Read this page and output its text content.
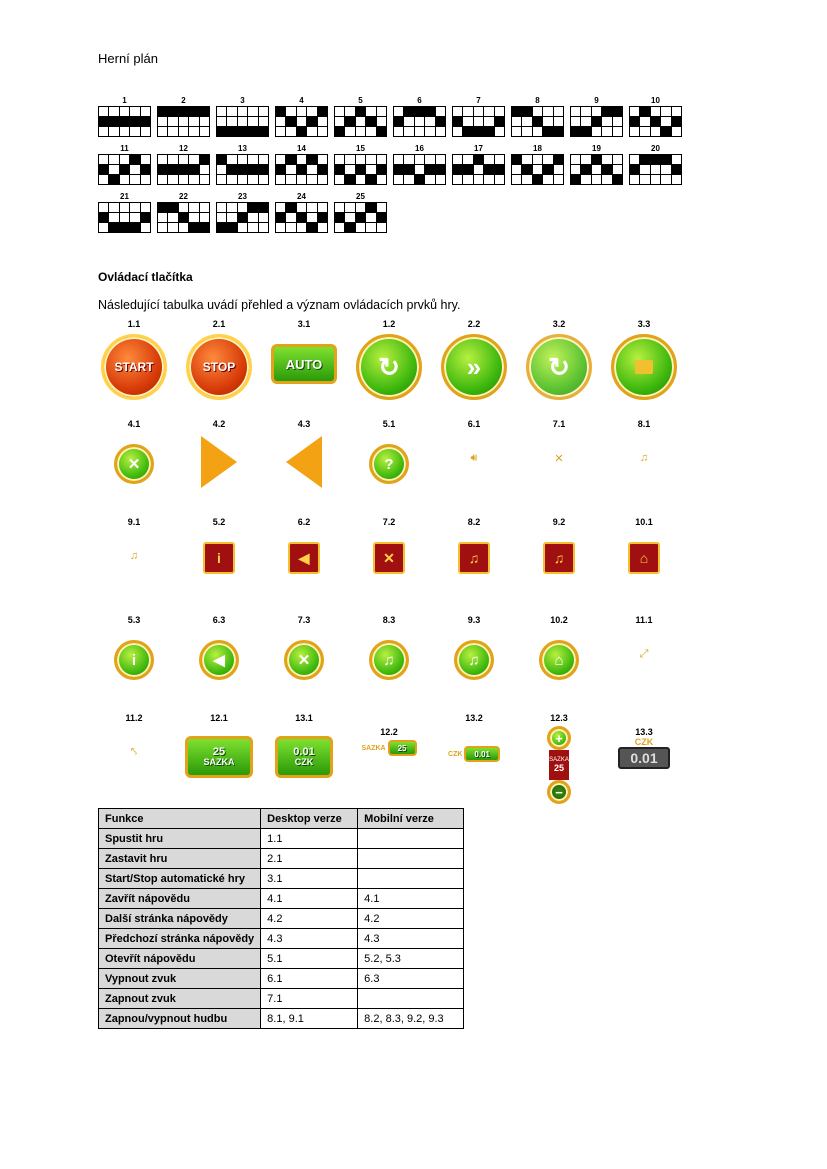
Herní plán
1	2	3	4	5	6	7	8	9	10
11	12	13	14	15	16	17	18	19	20
21	22	23	24	25
Ovládací tlačítka
Následující tabulka uvádí přehled a význam ovládacích prvků hry.
1.1
START
2.1
STOP
3.1
AUTO
1.2
↻
2.2
»
3.2
↻
3.3
4.1
✕
4.2	4.3	5.1
?
6.1
🔊︎
7.1
✕
8.1
♫
9.1
♫
5.2
i
6.2
◀
7.2
✕
8.2
♫
9.2
♫
10.1
⌂
5.3
i
6.3
◀
7.3
✕
8.3
♫
9.3
♫
10.2
⌂
11.1
⤢
11.2
⤣
12.1
25
SAZKA
13.1
0.01
CZK
12.2
SAZKA	25
13.2
CZK	0.01
12.3
+
SAZKA
25
−
13.3
CZK
0.01
Funkce	Desktop verze	Mobilní verze
Spustit hru	1.1	
Zastavit hru	2.1	
Start/Stop automatické hry	3.1	
Zavřít nápovědu	4.1	4.1
Další stránka nápovědy	4.2	4.2
Předchozí stránka nápovědy	4.3	4.3
Otevřít nápovědu	5.1	5.2, 5.3
Vypnout zvuk	6.1	6.3
Zapnout zvuk	7.1	
Zapnou/vypnout hudbu	8.1, 9.1	8.2, 8.3, 9.2, 9.3
